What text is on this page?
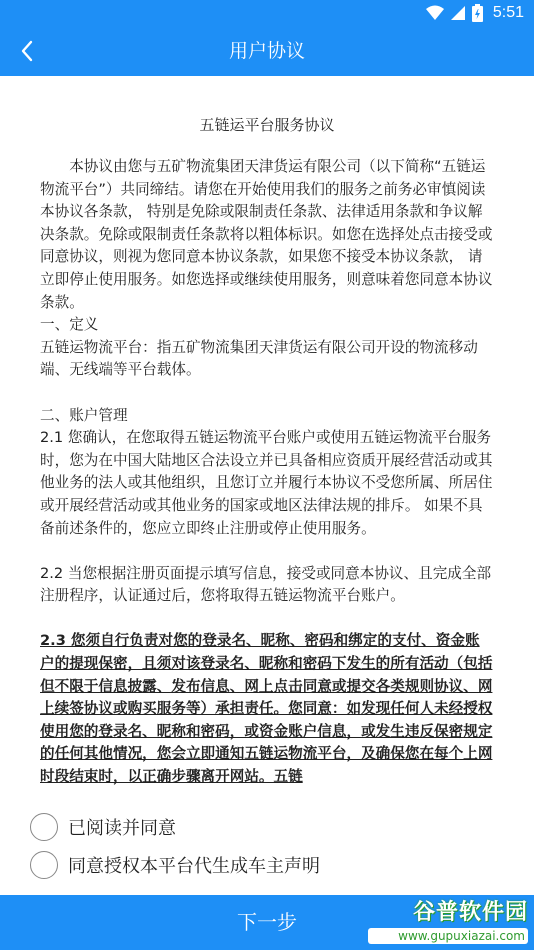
5:51
用户协议
五链运平台服务协议

本协议由您与五矿物流集团天津货运有限公司（以下简称“五链运物流平台”）共同缔结。请您在开始使用我们的服务之前务必审慎阅读本协议各条款， 特别是免除或限制责任条款、法律适用条款和争议解决条款。免除或限制责任条款将以粗体标识。如您在选择处点击接受或同意协议，则视为您同意本协议条款，如果您不接受本协议条款， 请立即停止使用服务。如您选择或继续使用服务，则意味着您同意本协议条款。

一、定义

五链运物流平台：指五矿物流集团天津货运有限公司开设的物流移动端、无线端等平台载体。

二、账户管理

2.1 您确认，在您取得五链运物流平台账户或使用五链运物流平台服务时，您为在中国大陆地区合法设立并已具备相应资质开展经营活动或其他业务的法人或其他组织，且您订立并履行本协议不受您所属、所居住或开展经营活动或其他业务的国家或地区法律法规的排斥。 如果不具备前述条件的，您应立即终止注册或停止使用服务。

2.2 当您根据注册页面提示填写信息，接受或同意本协议、且完成全部注册程序，认证通过后，您将取得五链运物流平台账户。

2.3 您须自行负责对您的登录名、昵称、密码和绑定的支付、资金账户的提现保密，且须对该登录名、昵称和密码下发生的所有活动（包括但不限于信息披露、发布信息、网上点击同意或提交各类规则协议、网上续签协议或购买服务等）承担责任。您同意：如发现任何人未经授权使用您的登录名、昵称和密码，或资金账户信息，或发生违反保密规定的任何其他情况，您会立即通知五链运物流平台，及确保您在每个上网时段结束时，以正确步骤离开网站。五链

已阅读并同意
同意授权本平台代生成车主声明
下一步	谷普软件园
www.gupuxiazai.com
